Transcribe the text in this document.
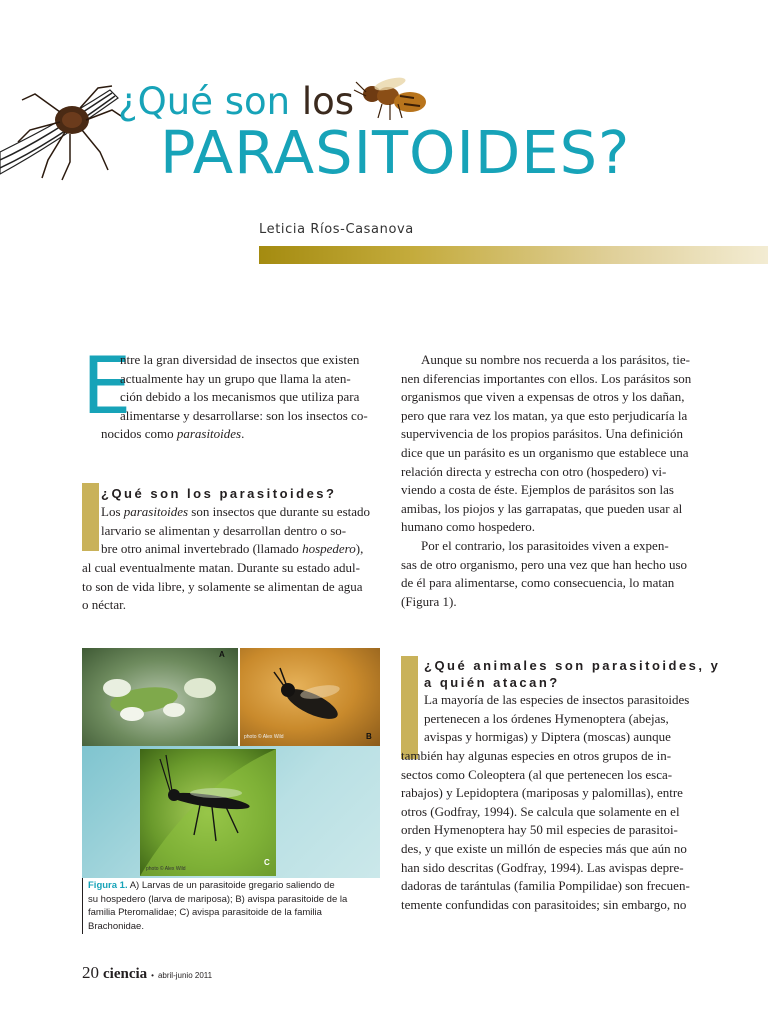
¿Qué son los
PARASITOIDES?
Leticia Ríos-Casanova
E
ntre la gran diversidad de insectos que existen
actualmente hay un grupo que llama la aten-
ción debido a los mecanismos que utiliza para
alimentarse y desarrollarse: son los insectos co-
nocidos como parasitoides.
¿Qué son los parasitoides?
Los parasitoides son insectos que durante su estado
larvario se alimentan y desarrollan dentro o so-
bre otro animal invertebrado (llamado hospedero),
al cual eventualmente matan. Durante su estado adul-
to son de vida libre, y solamente se alimentan de agua
o néctar.
Aunque su nombre nos recuerda a los parásitos, tie-
nen diferencias importantes con ellos. Los parásitos son
organismos que viven a expensas de otros y los dañan,
pero que rara vez los matan, ya que esto perjudicaría la
supervivencia de los propios parásitos. Una definición
dice que un parásito es un organismo que establece una
relación directa y estrecha con otro (hospedero) vi-
viendo a costa de éste. Ejemplos de parásitos son las
amibas, los piojos y las garrapatas, que pueden usar al
humano como hospedero.
Por el contrario, los parasitoides viven a expen-
sas de otro organismo, pero una vez que han hecho uso
de él para alimentarse, como consecuencia, lo matan
(Figura 1).
¿Qué animales son parasitoides, y
a quién atacan?
La mayoría de las especies de insectos parasitoides
pertenecen a los órdenes Hymenoptera (abejas,
avispas y hormigas) y Diptera (moscas) aunque
también hay algunas especies en otros grupos de in-
sectos como Coleoptera (al que pertenecen los esca-
rabajos) y Lepidoptera (mariposas y palomillas), entre
otros (Godfray, 1994). Se calcula que solamente en el
orden Hymenoptera hay 50 mil especies de parasitoi-
des, y que existe un millón de especies más que aún no
han sido descritas (Godfray, 1994). Las avispas depre-
dadoras de tarántulas (familia Pompilidae) son frecuen-
temente confundidas con parasitoides; sin embargo, no
A
photo © Alex Wild	B
photo © Alex Wild
C
Figura 1. A) Larvas de un parasitoide gregario saliendo de
su hospedero (larva de mariposa); B) avispa parasitoide de la
familia Pteromalidae; C) avispa parasitoide de la familia
Brachonidae.
20 ciencia • abril-junio 2011
